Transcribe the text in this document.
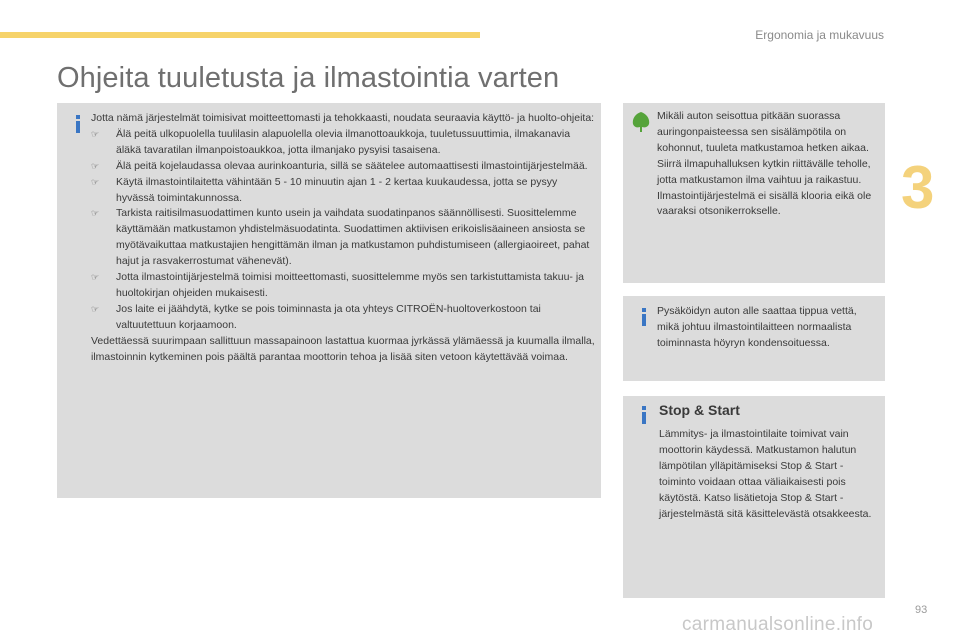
Ergonomia ja mukavuus
3
Ohjeita tuuletusta ja ilmastointia varten

Jotta nämä järjestelmät toimisivat moitteettomasti ja tehokkaasti, noudata seuraavia käyttö- ja huolto-ohjeita:

☞ Älä peitä ulkopuolella tuulilasin alapuolella olevia ilmanottoaukkoja, tuuletussuuttimia, ilmakanavia äläkä tavaratilan ilmanpoistoaukkoa, jotta ilmanjako pysyisi tasaisena.
☞ Älä peitä kojelaudassa olevaa aurinkoanturia, sillä se säätelee automaattisesti ilmastointijärjestelmää.
☞ Käytä ilmastointilaitetta vähintään 5 - 10 minuutin ajan 1 - 2 kertaa kuukaudessa, jotta se pysyy hyvässä toimintakunnossa.
☞ Tarkista raitisilmasuodattimen kunto usein ja vaihdata suodatinpanos säännöllisesti. Suosittelemme käyttämään matkustamon yhdistelmäsuodatinta. Suodattimen aktiivisen erikoislisäaineen ansiosta se myötävaikuttaa matkustajien hengittämän ilman ja matkustamon puhdistumiseen (allergiaoireet, pahat hajut ja rasvakerrostumat vähenevät).
☞ Jotta ilmastointijärjestelmä toimisi moitteettomasti, suosittelemme myös sen tarkistuttamista takuu- ja huoltokirjan ohjeiden mukaisesti.
☞ Jos laite ei jäähdytä, kytke se pois toiminnasta ja ota yhteys CITROËN-huoltoverkostoon tai valtuutettuun korjaamoon.

Vedettäessä suurimpaan sallittuun massapainoon lastattua kuormaa jyrkässä ylämäessä ja kuumalla ilmalla, ilmastoinnin kytkeminen pois päältä parantaa moottorin tehoa ja lisää siten vetoon käytettävää voimaa.

Mikäli auton seisottua pitkään suorassa auringonpaisteessa sen sisälämpötila on kohonnut, tuuleta matkustamoa hetken aikaa. Siirrä ilmapuhalluksen kytkin riittävälle teholle, jotta matkustamon ilma vaihtuu ja raikastuu. Ilmastointijärjestelmä ei sisällä klooria eikä ole vaaraksi otsonikerrokselle.
Pysäköidyn auton alle saattaa tippua vettä, mikä johtuu ilmastointilaitteen normaalista toiminnasta höyryn kondensoituessa.
Stop & Start
Lämmitys- ja ilmastointilaite toimivat vain moottorin käydessä. Matkustamon halutun lämpötilan ylläpitämiseksi Stop & Start -toiminto voidaan ottaa väliaikaisesti pois käytöstä. Katso lisätietoja Stop & Start -järjestelmästä sitä käsittelevästä otsakkeesta.
93
carmanualsonline.info
